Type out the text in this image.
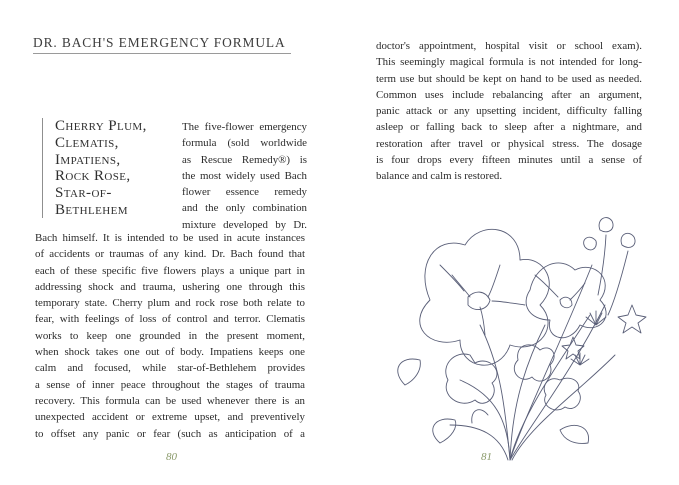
DR. BACH'S EMERGENCY FORMULA
Cherry Plum,
Clematis,
Impatiens,
Rock Rose,
Star-of-
Bethlehem
The five-flower emergency
formula (sold worldwide
as Rescue Remedy®) is
the most widely used Bach
flower essence remedy
and the only combination
mixture developed by Dr.
Bach himself. It is intended to be used in acute instances
of accidents or traumas of any kind. Dr. Bach found that
each of these specific five flowers plays a unique part in
addressing shock and trauma, ushering one through this
temporary state. Cherry plum and rock rose both relate to
fear, with feelings of loss of control and terror. Clematis
works to keep one grounded in the present moment,
when shock takes one out of body. Impatiens keeps one
calm and focused, while star-of-Bethlehem provides
a sense of inner peace throughout the stages of trauma
recovery. This formula can be used whenever there is an
unexpected accident or extreme upset, and preventively
to offset any panic or fear (such as anticipation of a
80
doctor's appointment, hospital visit or school exam).
This seemingly magical formula is not intended for long-
term use but should be kept on hand to be used as needed.
Common uses include rebalancing after an argument,
panic attack or any upsetting incident, difficulty falling
asleep or falling back to sleep after a nightmare, and
restoration after travel or physical stress. The dosage
is four drops every fifteen minutes until a sense of
balance and calm is restored.
81
